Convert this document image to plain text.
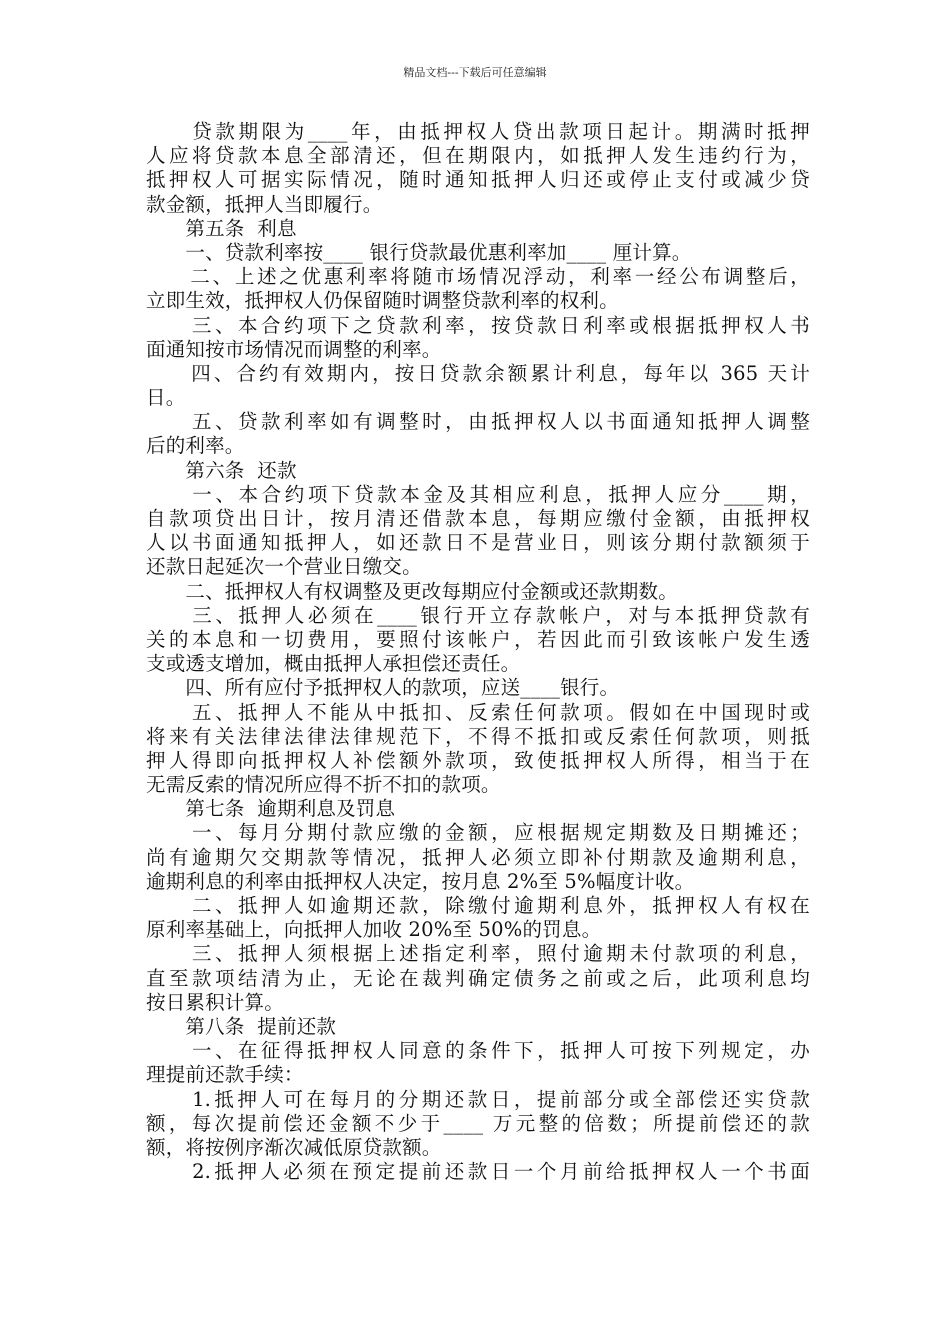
精品文档---下载后可任意编辑
　　贷款期限为____年，由抵押权人贷出款项日起计。期满时抵押
人应将贷款本息全部清还，但在期限内，如抵押人发生违约行为，
抵押权人可据实际情况，随时通知抵押人归还或停止支付或减少贷
款金额，抵押人当即履行。
　　第五条  利息
　　一、贷款利率按____ 银行贷款最优惠利率加____ 厘计算。
　　二、上述之优惠利率将随市场情况浮动，利率一经公布调整后，
立即生效，抵押权人仍保留随时调整贷款利率的权利。
　　三、本合约项下之贷款利率，按贷款日利率或根据抵押权人书
面通知按市场情况而调整的利率。
　　四、合约有效期内，按日贷款余额累计利息，每年以 365 天计
日。
　　五、贷款利率如有调整时，由抵押权人以书面通知抵押人调整
后的利率。
　　第六条  还款
　　一、本合约项下贷款本金及其相应利息，抵押人应分____期，
自款项贷出日计，按月清还借款本息，每期应缴付金额，由抵押权
人以书面通知抵押人，如还款日不是营业日，则该分期付款额须于
还款日起延次一个营业日缴交。
　　二、抵押权人有权调整及更改每期应付金额或还款期数。
　　三、抵押人必须在____银行开立存款帐户，对与本抵押贷款有
关的本息和一切费用，要照付该帐户，若因此而引致该帐户发生透
支或透支增加，概由抵押人承担偿还责任。
　　四、所有应付予抵押权人的款项，应送____银行。
　　五、抵押人不能从中抵扣、反索任何款项。假如在中国现时或
将来有关法律法律法律规范下，不得不抵扣或反索任何款项，则抵
押人得即向抵押权人补偿额外款项，致使抵押权人所得，相当于在
无需反索的情况所应得不折不扣的款项。
　　第七条  逾期利息及罚息
　　一、每月分期付款应缴的金额，应根据规定期数及日期摊还；
尚有逾期欠交期款等情况，抵押人必须立即补付期款及逾期利息，
逾期利息的利率由抵押权人决定，按月息 2%至 5%幅度计收。
　　二、抵押人如逾期还款，除缴付逾期利息外，抵押权人有权在
原利率基础上，向抵押人加收 20%至 50%的罚息。
　　三、抵押人须根据上述指定利率，照付逾期未付款项的利息，
直至款项结清为止，无论在裁判确定债务之前或之后，此项利息均
按日累积计算。
　　第八条  提前还款
　　一、在征得抵押权人同意的条件下，抵押人可按下列规定，办
理提前还款手续：
　　1.抵押人可在每月的分期还款日，提前部分或全部偿还实贷款
额，每次提前偿还金额不少于____ 万元整的倍数；所提前偿还的款
额，将按例序渐次减低原贷款额。
　　2.抵押人必须在预定提前还款日一个月前给抵押权人一个书面
